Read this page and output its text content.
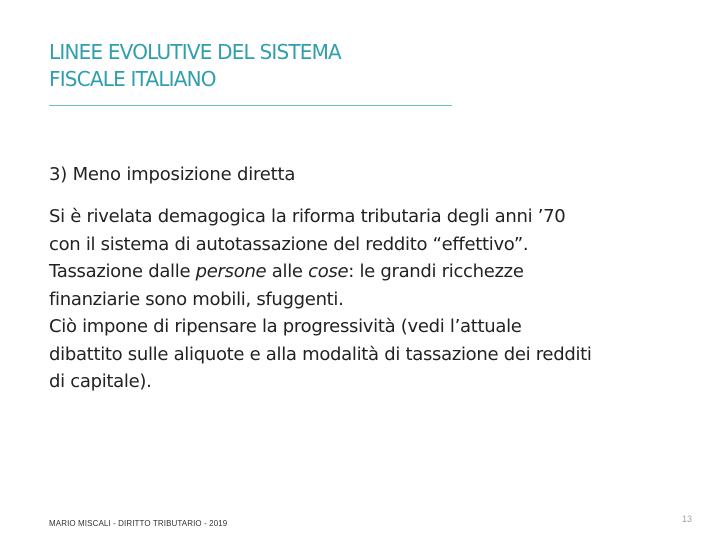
LINEE EVOLUTIVE DEL SISTEMA
FISCALE ITALIANO
3) Meno imposizione diretta
Si è rivelata demagogica la riforma tributaria degli anni ’70
con il sistema di autotassazione del reddito “effettivo”.
Tassazione dalle persone alle cose: le grandi ricchezze
finanziarie sono mobili, sfuggenti.
Ciò impone di ripensare la progressività (vedi l’attuale
dibattito sulle aliquote e alla modalità di tassazione dei redditi
di capitale).
MARIO MISCALI - DIRITTO TRIBUTARIO - 2019	13
